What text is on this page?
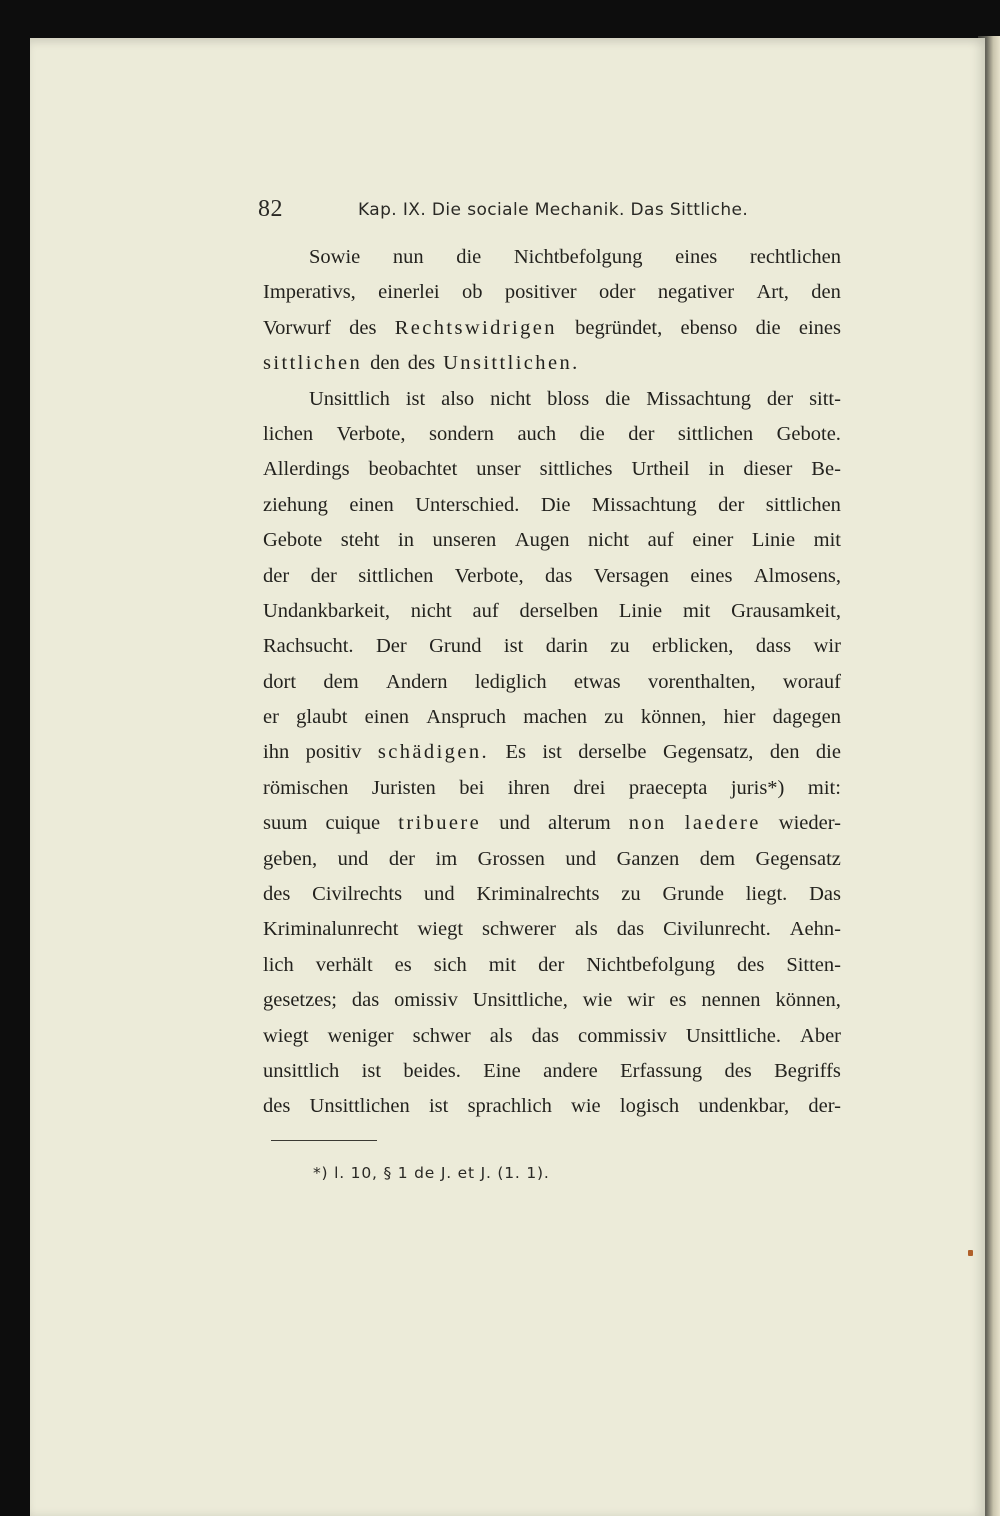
82	Kap. IX. Die sociale Mechanik. Das Sittliche.
Sowie nun die Nichtbefolgung eines rechtlichen
Imperativs, einerlei ob positiver oder negativer Art, den
Vorwurf des Rechtswidrigen begründet, ebenso die eines
sittlichen den des Unsittlichen.
Unsittlich ist also nicht bloss die Missachtung der sitt-
lichen Verbote, sondern auch die der sittlichen Gebote.
Allerdings beobachtet unser sittliches Urtheil in dieser Be-
ziehung einen Unterschied. Die Missachtung der sittlichen
Gebote steht in unseren Augen nicht auf einer Linie mit
der der sittlichen Verbote, das Versagen eines Almosens,
Undankbarkeit, nicht auf derselben Linie mit Grausamkeit,
Rachsucht. Der Grund ist darin zu erblicken, dass wir
dort dem Andern lediglich etwas vorenthalten, worauf
er glaubt einen Anspruch machen zu können, hier dagegen
ihn positiv schädigen. Es ist derselbe Gegensatz, den die
römischen Juristen bei ihren drei praecepta juris*) mit:
suum cuique tribuere und alterum non laedere wieder-
geben, und der im Grossen und Ganzen dem Gegensatz
des Civilrechts und Kriminalrechts zu Grunde liegt. Das
Kriminalunrecht wiegt schwerer als das Civilunrecht. Aehn-
lich verhält es sich mit der Nichtbefolgung des Sitten-
gesetzes; das omissiv Unsittliche, wie wir es nennen können,
wiegt weniger schwer als das commissiv Unsittliche. Aber
unsittlich ist beides. Eine andere Erfassung des Begriffs
des Unsittlichen ist sprachlich wie logisch undenkbar, der-
*) l. 10, § 1 de J. et J. (1. 1).
